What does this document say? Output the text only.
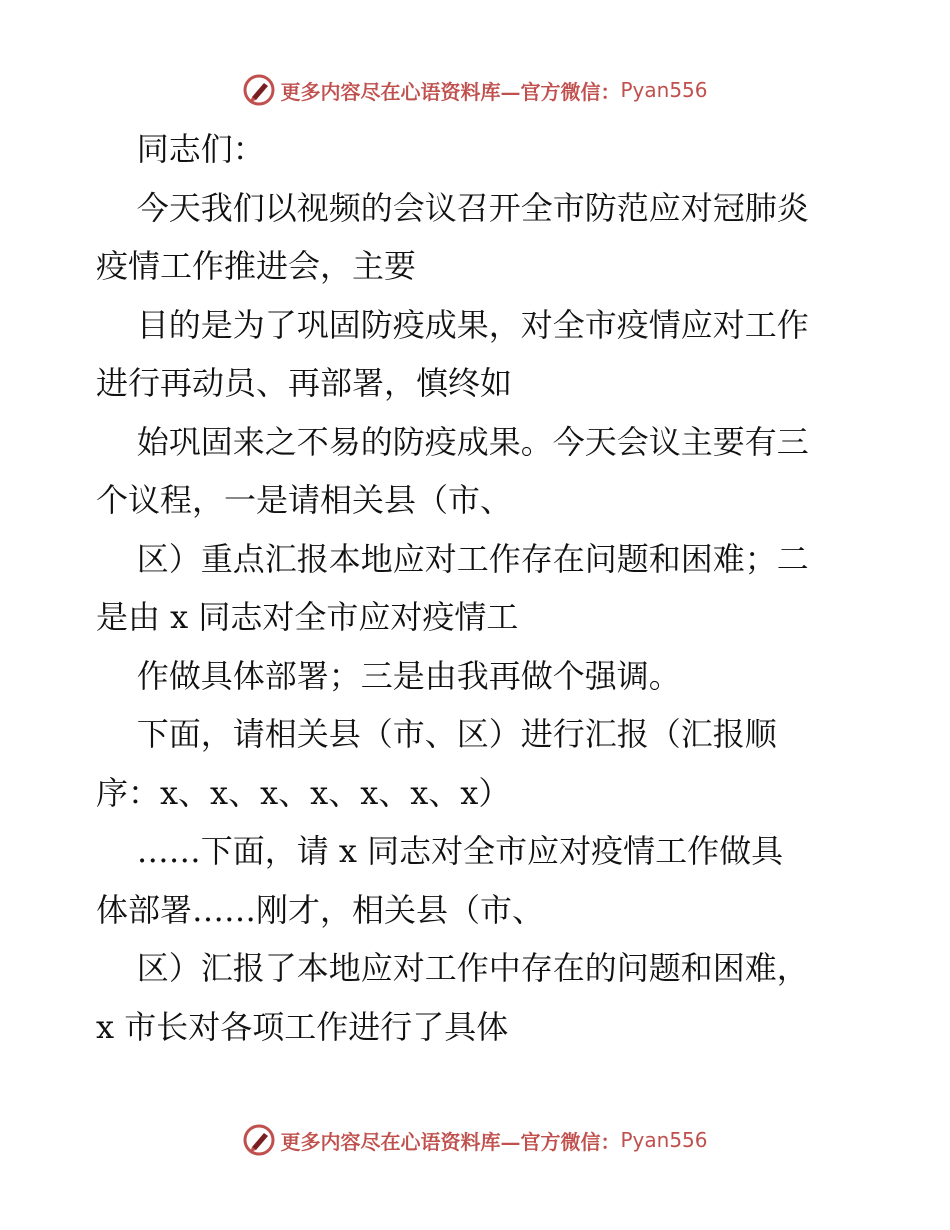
更多内容尽在心语资料库—官方微信： Pyan556
同志们：
今天我们以视频的会议召开全市防范应对冠肺炎
疫情工作推进会，主要
目的是为了巩固防疫成果，对全市疫情应对工作
进行再动员、再部署，慎终如
始巩固来之不易的防疫成果。今天会议主要有三
个议程，一是请相关县（市、
区）重点汇报本地应对工作存在问题和困难；二
是由 x 同志对全市应对疫情工
作做具体部署；三是由我再做个强调。
下面，请相关县（市、区）进行汇报（汇报顺
序：x、x、x、x、x、x、x）
……下面，请 x 同志对全市应对疫情工作做具
体部署……刚才，相关县（市、
区）汇报了本地应对工作中存在的问题和困难，
x 市长对各项工作进行了具体
更多内容尽在心语资料库—官方微信： Pyan556
